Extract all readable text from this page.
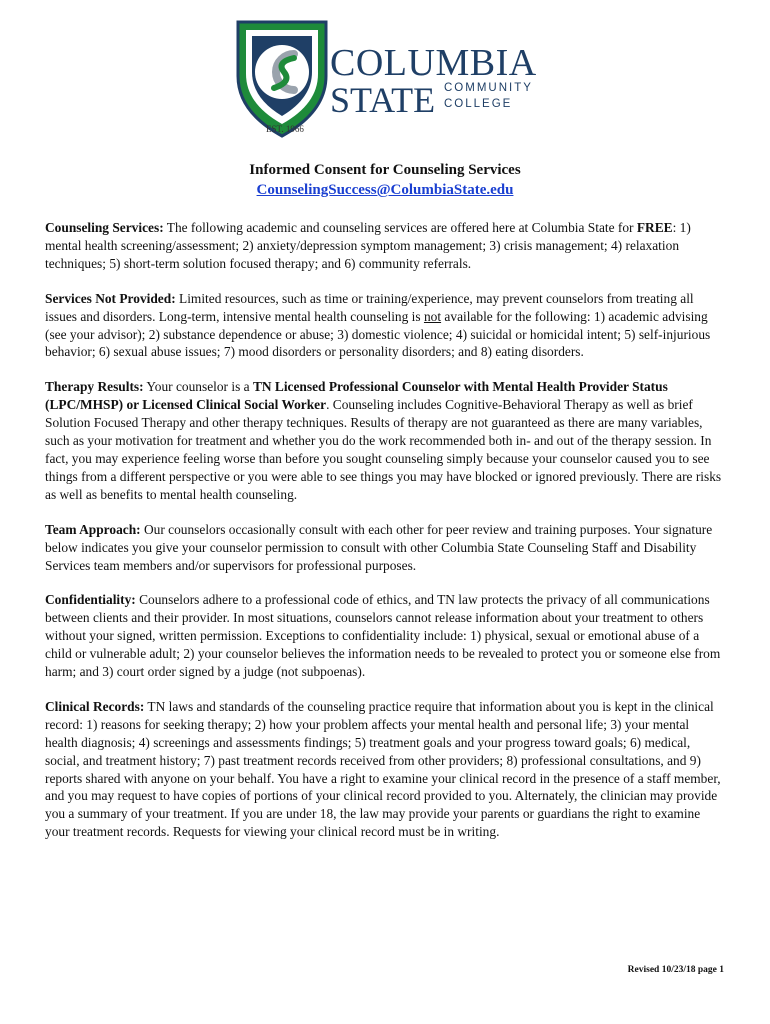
COLUMBIA
STATE COMMUNITY
COLLEGE
EST. 1966
Informed Consent for Counseling Services
CounselingSuccess@ColumbiaState.edu

Counseling Services: The following academic and counseling services are offered here at Columbia State for FREE: 1) mental health screening/assessment; 2) anxiety/depression symptom management; 3) crisis management; 4) relaxation techniques; 5) short-term solution focused therapy; and 6) community referrals.

Services Not Provided: Limited resources, such as time or training/experience, may prevent counselors from treating all issues and disorders. Long-term, intensive mental health counseling is not available for the following: 1) academic advising (see your advisor); 2) substance dependence or abuse; 3) domestic violence; 4) suicidal or homicidal intent; 5) self-injurious behavior; 6) sexual abuse issues; 7) mood disorders or personality disorders; and 8) eating disorders.

Therapy Results: Your counselor is a TN Licensed Professional Counselor with Mental Health Provider Status (LPC/MHSP) or Licensed Clinical Social Worker. Counseling includes Cognitive-Behavioral Therapy as well as brief Solution Focused Therapy and other therapy techniques. Results of therapy are not guaranteed as there are many variables, such as your motivation for treatment and whether you do the work recommended both in- and out of the therapy session. In fact, you may experience feeling worse than before you sought counseling simply because your counselor caused you to see things from a different perspective or you were able to see things you may have blocked or ignored previously. There are risks as well as benefits to mental health counseling.

Team Approach: Our counselors occasionally consult with each other for peer review and training purposes. Your signature below indicates you give your counselor permission to consult with other Columbia State Counseling Staff and Disability Services team members and/or supervisors for professional purposes.

Confidentiality: Counselors adhere to a professional code of ethics, and TN law protects the privacy of all communications between clients and their provider. In most situations, counselors cannot release information about your treatment to others without your signed, written permission. Exceptions to confidentiality include: 1) physical, sexual or emotional abuse of a child or vulnerable adult; 2) your counselor believes the information needs to be revealed to protect you or someone else from harm; and 3) court order signed by a judge (not subpoenas).

Clinical Records: TN laws and standards of the counseling practice require that information about you is kept in the clinical record: 1) reasons for seeking therapy; 2) how your problem affects your mental health and personal life; 3) your mental health diagnosis; 4) screenings and assessments findings; 5) treatment goals and your progress toward goals; 6) medical, social, and treatment history; 7) past treatment records received from other providers; 8) professional consultations, and 9) reports shared with anyone on your behalf. You have a right to examine your clinical record in the presence of a staff member, and you may request to have copies of portions of your clinical record provided to you. Alternately, the clinician may provide you a summary of your treatment. If you are under 18, the law may provide your parents or guardians the right to examine your treatment records. Requests for viewing your clinical record must be in writing.

Revised 10/23/18 page 1
